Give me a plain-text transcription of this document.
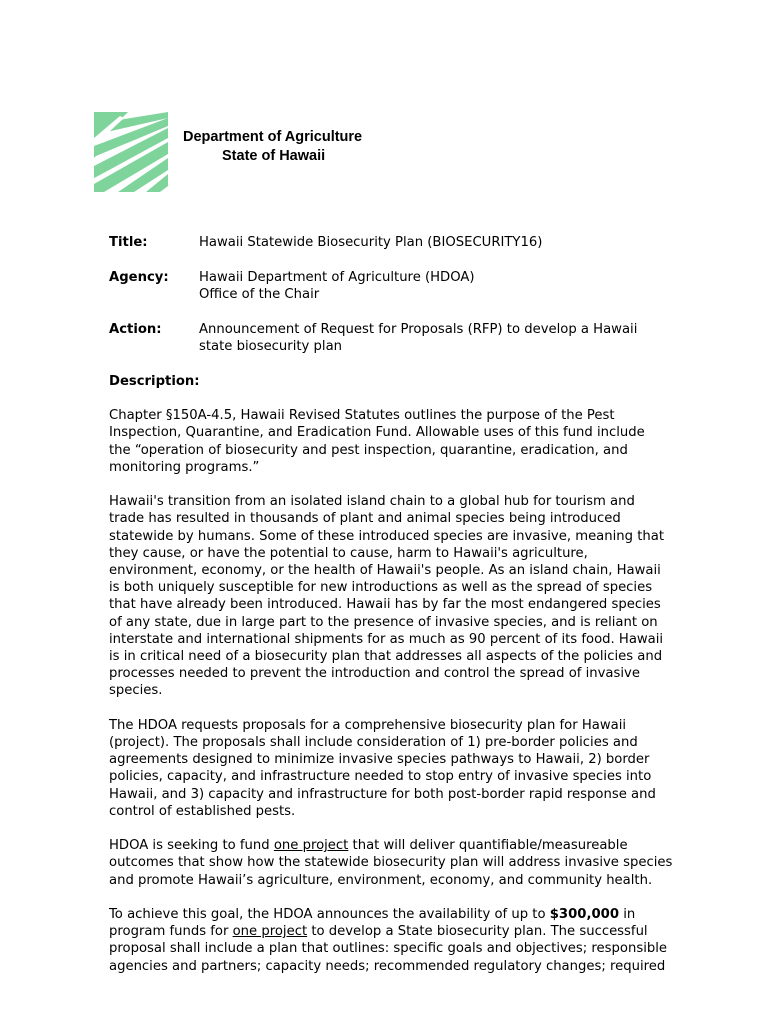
Department of Agriculture
State of Hawaii
Title:	Hawaii Statewide Biosecurity Plan (BIOSECURITY16)
Agency: Hawaii Department of Agriculture (HDOA)
Office of the Chair
Action:	Announcement of Request for Proposals (RFP) to develop a Hawaii
state biosecurity plan
Description:
Chapter §150A-4.5, Hawaii Revised Statutes outlines the purpose of the Pest
Inspection, Quarantine, and Eradication Fund. Allowable uses of this fund include
the “operation of biosecurity and pest inspection, quarantine, eradication, and
monitoring programs.”
Hawaii's transition from an isolated island chain to a global hub for tourism and
trade has resulted in thousands of plant and animal species being introduced
statewide by humans. Some of these introduced species are invasive, meaning that
they cause, or have the potential to cause, harm to Hawaii's agriculture,
environment, economy, or the health of Hawaii's people. As an island chain, Hawaii
is both uniquely susceptible for new introductions as well as the spread of species
that have already been introduced. Hawaii has by far the most endangered species
of any state, due in large part to the presence of invasive species, and is reliant on
interstate and international shipments for as much as 90 percent of its food. Hawaii
is in critical need of a biosecurity plan that addresses all aspects of the policies and
processes needed to prevent the introduction and control the spread of invasive
species.
The HDOA requests proposals for a comprehensive biosecurity plan for Hawaii
(project). The proposals shall include consideration of 1) pre-border policies and
agreements designed to minimize invasive species pathways to Hawaii, 2) border
policies, capacity, and infrastructure needed to stop entry of invasive species into
Hawaii, and 3) capacity and infrastructure for both post-border rapid response and
control of established pests.
HDOA is seeking to fund one project that will deliver quantifiable/measureable
outcomes that show how the statewide biosecurity plan will address invasive species
and promote Hawaii’s agriculture, environment, economy, and community health.
To achieve this goal, the HDOA announces the availability of up to $300,000 in
program funds for one project to develop a State biosecurity plan. The successful
proposal shall include a plan that outlines: specific goals and objectives; responsible
agencies and partners; capacity needs; recommended regulatory changes; required
